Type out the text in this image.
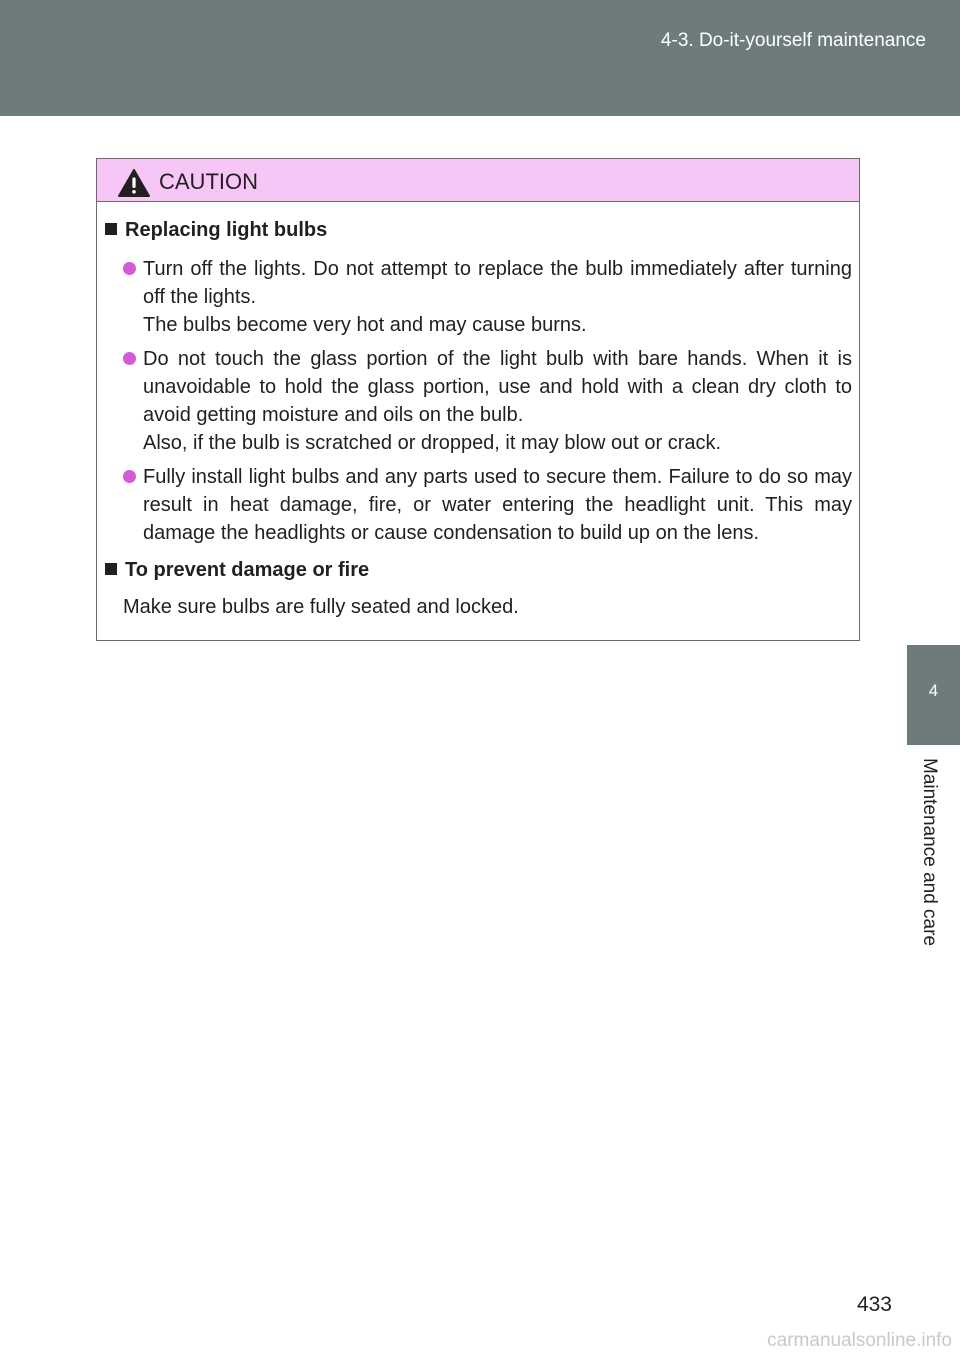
4-3. Do-it-yourself maintenance
4
Maintenance and care
CAUTION
Replacing light bulbs
Turn off the lights. Do not attempt to replace the bulb immediately after turning off the lights.
The bulbs become very hot and may cause burns.
Do not touch the glass portion of the light bulb with bare hands. When it is unavoidable to hold the glass portion, use and hold with a clean dry cloth to avoid getting moisture and oils on the bulb.
Also, if the bulb is scratched or dropped, it may blow out or crack.
Fully install light bulbs and any parts used to secure them. Failure to do so may result in heat damage, fire, or water entering the headlight unit. This may damage the headlights or cause condensation to build up on the lens.
To prevent damage or fire
Make sure bulbs are fully seated and locked.
433
carmanualsonline.info
